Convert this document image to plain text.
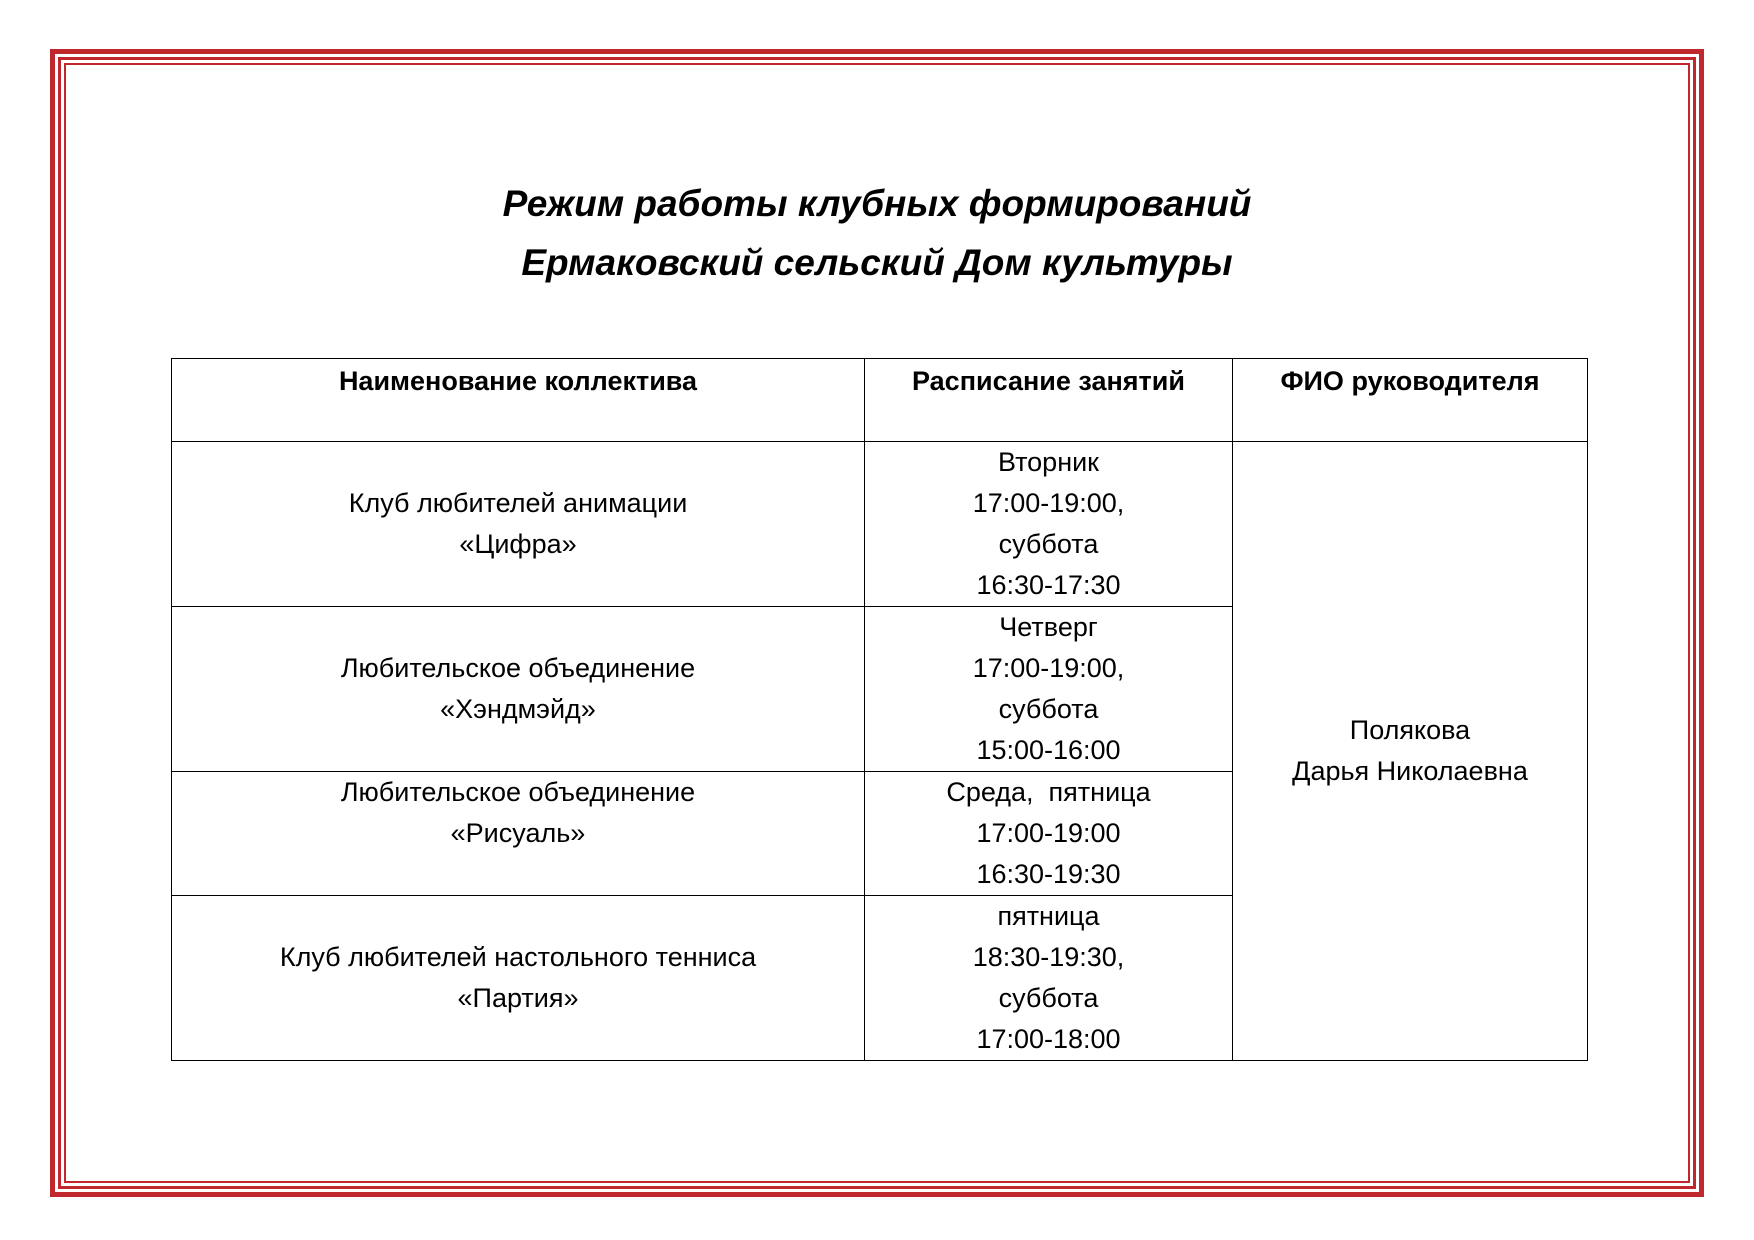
Режим работы клубных формирований
Ермаковский сельский Дом культуры
Наименование коллектива	Расписание занятий	ФИО руководителя

Клуб любителей анимации
«Цифра»	Вторник
17:00-19:00,
суббота
16:30-17:30	Полякова
Дарья Николаевна

Любительское объединение
«Хэндмэйд»	Четверг
17:00-19:00,
суббота
15:00-16:00	

Любительское объединение
«Рисуаль»	Среда,  пятница
17:00-19:00
16:30-19:30	

Клуб любителей настольного тенниса
«Партия»	пятница
18:30-19:30,
суббота
17:00-18:00	
